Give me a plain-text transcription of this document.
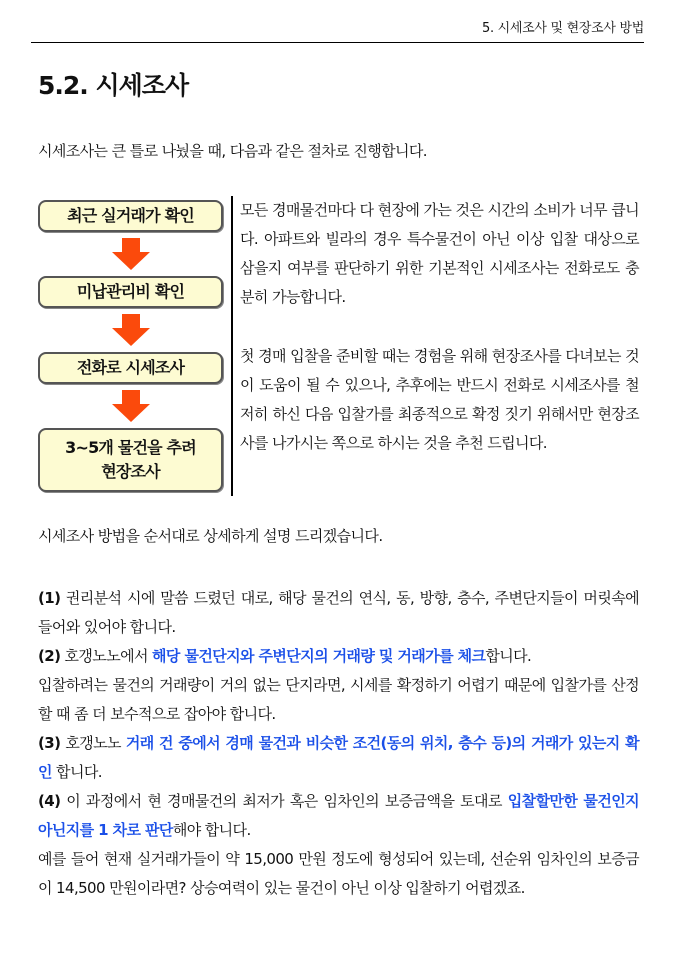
5. 시세조사 및 현장조사 방법
5.2. 시세조사

시세조사는 큰 틀로 나눴을 때, 다음과 같은 절차로 진행합니다.

최근 실거래가 확인
미납관리비 확인
전화로 시세조사
3~5개 물건을 추려
현장조사

모든 경매물건마다 다 현장에 가는 것은 시간의 소비가 너무 큽니다. 아파트와 빌라의 경우 특수물건이 아닌 이상 입찰 대상으로 삼을지 여부를 판단하기 위한 기본적인 시세조사는 전화로도 충분히 가능합니다.

첫 경매 입찰을 준비할 때는 경험을 위해 현장조사를 다녀보는 것이 도움이 될 수 있으나, 추후에는 반드시 전화로 시세조사를 철저히 하신 다음 입찰가를 최종적으로 확정 짓기 위해서만 현장조사를 나가시는 쪽으로 하시는 것을 추천 드립니다.

시세조사 방법을 순서대로 상세하게 설명 드리겠습니다.

(1) 권리분석 시에 말씀 드렸던 대로, 해당 물건의 연식, 동, 방향, 층수, 주변단지들이 머릿속에 들어와 있어야 합니다.
(2) 호갱노노에서 해당 물건단지와 주변단지의 거래량 및 거래가를 체크합니다.
입찰하려는 물건의 거래량이 거의 없는 단지라면, 시세를 확정하기 어렵기 때문에 입찰가를 산정할 때 좀 더 보수적으로 잡아야 합니다.
(3) 호갱노노 거래 건 중에서 경매 물건과 비슷한 조건(동의 위치, 층수 등)의 거래가 있는지 확인 합니다.
(4) 이 과정에서 현 경매물건의 최저가 혹은 임차인의 보증금액을 토대로 입찰할만한 물건인지 아닌지를 1 차로 판단해야 합니다.
예를 들어 현재 실거래가들이 약 15,000 만원 정도에 형성되어 있는데, 선순위 임차인의 보증금이 14,500 만원이라면? 상승여력이 있는 물건이 아닌 이상 입찰하기 어렵겠죠.
